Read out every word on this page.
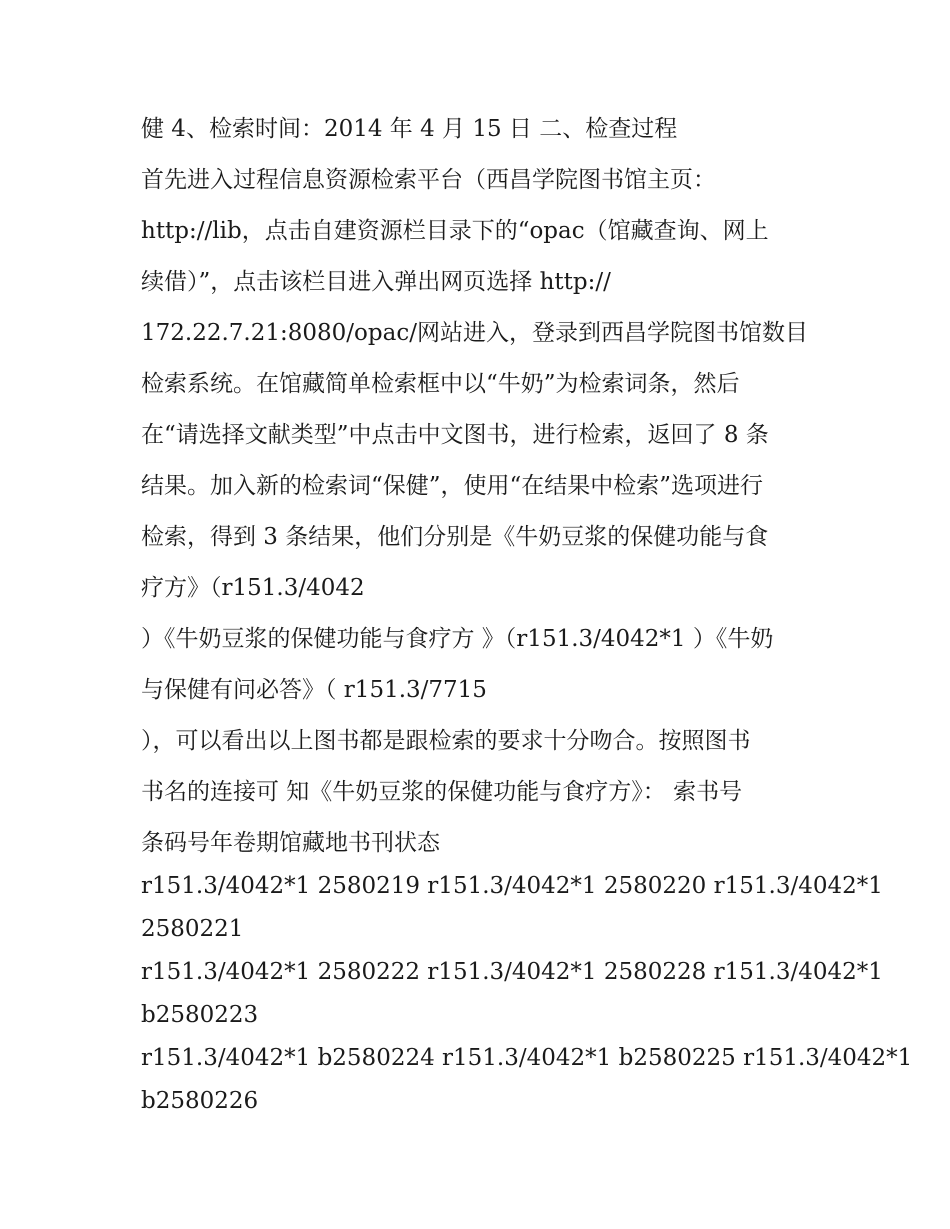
健 4、检索时间：2014 年 4 月 15 日 二、检查过程
首先进入过程信息资源检索平台（西昌学院图书馆主页：
http://lib，点击自建资源栏目录下的“opac（馆藏查询、网上
续借）”，点击该栏目进入弹出网页选择 http://
172.22.7.21:8080/opac/网站进入，登录到西昌学院图书馆数目
检索系统。在馆藏简单检索框中以“牛奶”为检索词条，然后
在“请选择文献类型”中点击中文图书，进行检索，返回了 8 条
结果。加入新的检索词“保健”，使用“在结果中检索”选项进行
检索，得到 3 条结果，他们分别是《牛奶豆浆的保健功能与食
疗方》（r151.3/4042
）《牛奶豆浆的保健功能与食疗方 》（r151.3/4042*1 ）《牛奶
与保健有问必答》（ r151.3/7715
），可以看出以上图书都是跟检索的要求十分吻合。按照图书
书名的连接可 知《牛奶豆浆的保健功能与食疗方》： 索书号
条码号年卷期馆藏地书刊状态
r151.3/4042*1 2580219 r151.3/4042*1 2580220 r151.3/4042*1
2580221
r151.3/4042*1 2580222 r151.3/4042*1 2580228 r151.3/4042*1
b2580223
r151.3/4042*1 b2580224 r151.3/4042*1 b2580225 r151.3/4042*1
b2580226
